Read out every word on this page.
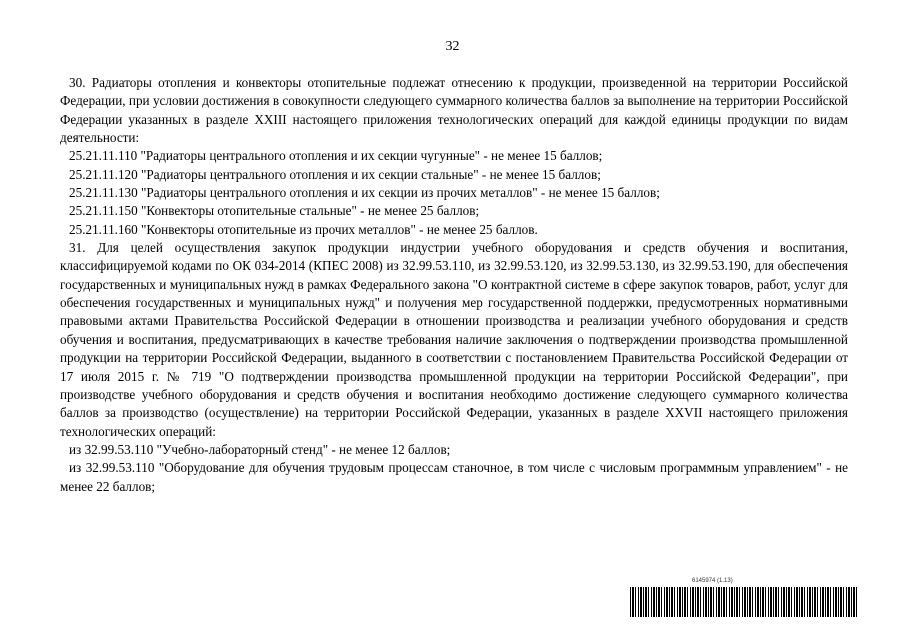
32

30. Радиаторы отопления и конвекторы отопительные подлежат отнесению к продукции, произведенной на территории Российской Федерации, при условии достижения в совокупности следующего суммарного количества баллов за выполнение на территории Российской Федерации указанных в разделе XXIII настоящего приложения технологических операций для каждой единицы продукции по видам деятельности:

25.21.11.110 "Радиаторы центрального отопления и их секции чугунные" - не менее 15 баллов;

25.21.11.120 "Радиаторы центрального отопления и их секции стальные" - не менее 15 баллов;

25.21.11.130 "Радиаторы центрального отопления и их секции из прочих металлов" - не менее 15 баллов;

25.21.11.150 "Конвекторы отопительные стальные" - не менее 25 баллов;

25.21.11.160 "Конвекторы отопительные из прочих металлов" - не менее 25 баллов.

31. Для целей осуществления закупок продукции индустрии учебного оборудования и средств обучения и воспитания, классифицируемой кодами по ОК 034-2014 (КПЕС 2008) из 32.99.53.110, из 32.99.53.120, из 32.99.53.130, из 32.99.53.190, для обеспечения государственных и муниципальных нужд в рамках Федерального закона "О контрактной системе в сфере закупок товаров, работ, услуг для обеспечения государственных и муниципальных нужд" и получения мер государственной поддержки, предусмотренных нормативными правовыми актами Правительства Российской Федерации в отношении производства и реализации учебного оборудования и средств обучения и воспитания, предусматривающих в качестве требования наличие заключения о подтверждении производства промышленной продукции на территории Российской Федерации, выданного в соответствии с постановлением Правительства Российской Федерации от 17 июля 2015 г. № 719 "О подтверждении производства промышленной продукции на территории Российской Федерации", при производстве учебного оборудования и средств обучения и воспитания необходимо достижение следующего суммарного количества баллов за производство (осуществление) на территории Российской Федерации, указанных в разделе XXVII настоящего приложения технологических операций:

из 32.99.53.110 "Учебно-лабораторный стенд" - не менее 12 баллов;

из 32.99.53.110 "Оборудование для обучения трудовым процессам станочное, в том числе с числовым программным управлением" - не менее 22 баллов;

6145974 (1.13)
